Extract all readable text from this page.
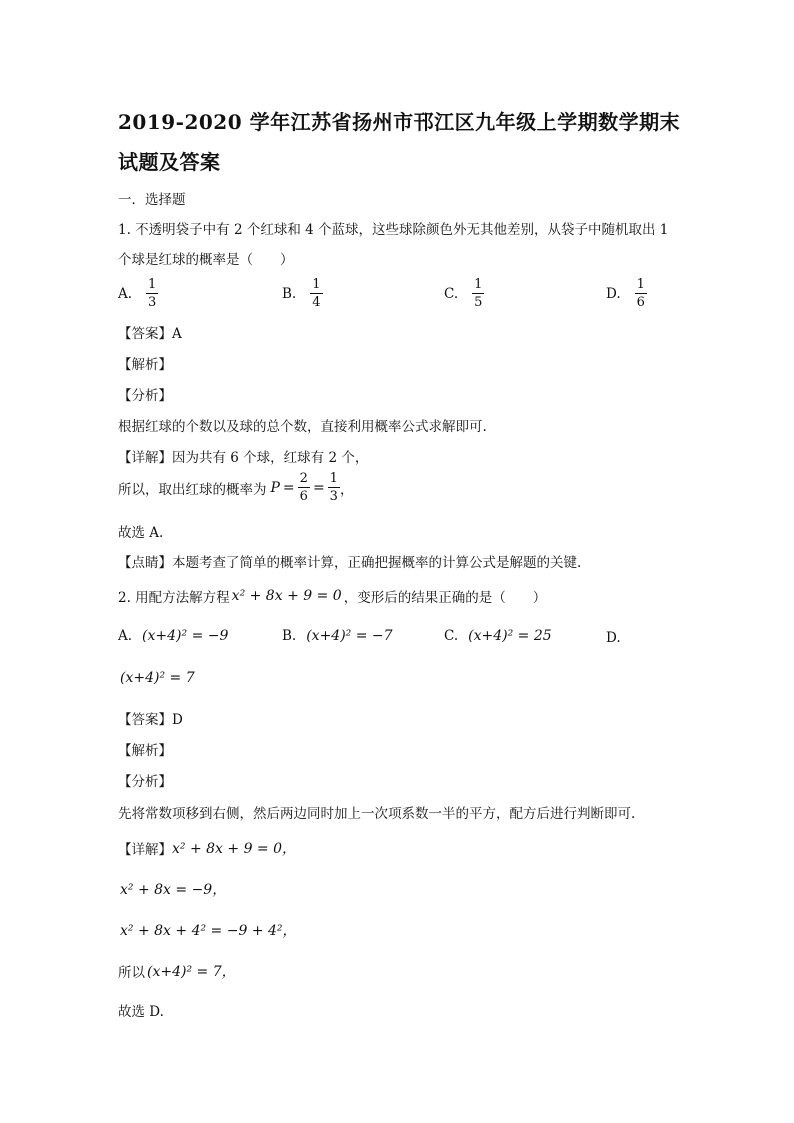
2019-2020 学年江苏省扬州市邗江区九年级上学期数学期末
试题及答案
一．选择题
1. 不透明袋子中有 2 个红球和 4 个蓝球，这些球除颜色外无其他差别，从袋子中随机取出 1
个球是红球的概率是（　　）
A. $\frac{1}{3}$	B. $\frac{1}{4}$	C. $\frac{1}{5}$	D. $\frac{1}{6}$
【答案】A
【解析】
【分析】
根据红球的个数以及球的总个数，直接利用概率公式求解即可.
【详解】因为共有 6 个球，红球有 2 个，
所以，取出红球的概率为 $P = \frac{2}{6} = \frac{1}{3}$ ，
故选 A.
【点睛】本题考查了简单的概率计算，正确把握概率的计算公式是解题的关键.
2. 用配方法解方程 x² + 8x + 9 = 0 ，变形后的结果正确的是（　　）
A. (x+4)² = −9	B. (x+4)² = −7	C. (x+4)² = 25	D.
(x+4)² = 7
【答案】D
【解析】
【分析】
先将常数项移到右侧，然后两边同时加上一次项系数一半的平方，配方后进行判断即可.
【详解】 x² + 8x + 9 = 0，
x² + 8x = −9，
x² + 8x + 4² = −9 + 4²，
所以 (x+4)² = 7，
故选 D.
